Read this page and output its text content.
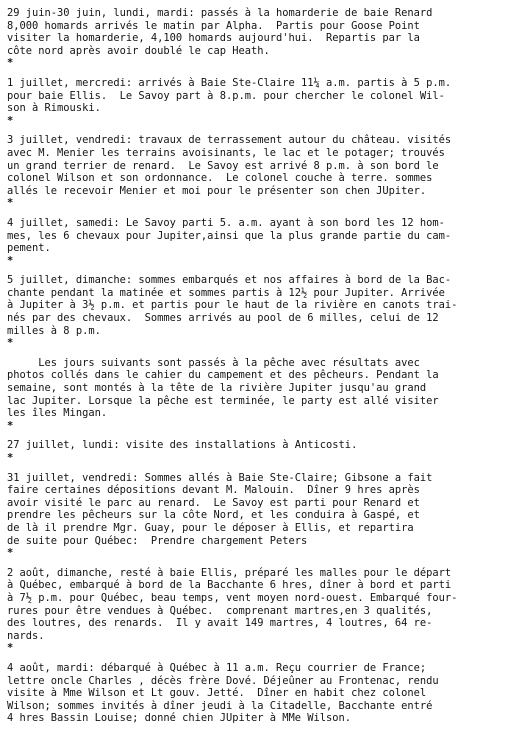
29 juin-30 juin, lundi, mardi: passés à la homarderie de baie Renard
8,000 homards arrivés le matin par Alpha.  Partis pour Goose Point
visiter la homarderie, 4,100 homards aujourd'hui.  Repartis par la
côte nord après avoir doublé le cap Heath.

*

1 juillet, mercredi: arrivés à Baie Ste-Claire 11¼ a.m. partis à 5 p.m.
pour baie Ellis.  Le Savoy part à 8.p.m. pour chercher le colonel Wil-
son à Rimouski.

*

3 juillet, vendredi: travaux de terrassement autour du château. visités
avec M. Menier les terrains avoisinants, le lac et le potager; trouvés
un grand terrier de renard.  Le Savoy est arrivé 8 p.m. à son bord le
colonel Wilson et son ordonnance.  Le colonel couche à terre. sommes
allés le recevoir Menier et moi pour le présenter son chen JUpiter.

*

4 juillet, samedi: Le Savoy parti 5. a.m. ayant à son bord les 12 hom-
mes, les 6 chevaux pour Jupiter,ainsi que la plus grande partie du cam-
pement.

*

5 juillet, dimanche: sommes embarqués et nos affaires à bord de la Bac-
chante pendant la matinée et sommes partis à 12½ pour Jupiter. Arrivée
à Jupiter à 3½ p.m. et partis pour le haut de la rivière en canots trai-
nés par des chevaux.  Sommes arrivés au pool de 6 milles, celui de 12
milles à 8 p.m.

*

Les jours suivants sont passés à la pêche avec résultats avec
photos collés dans le cahier du campement et des pêcheurs. Pendant la
semaine, sont montés à la tête de la rivière Jupiter jusqu'au grand
lac Jupiter. Lorsque la pêche est terminée, le party est allé visiter
les îles Mingan.

*

27 juillet, lundi: visite des installations à Anticosti.

*

31 juillet, vendredi: Sommes allés à Baie Ste-Claire; Gibsone a fait
faire certaines dépositions devant M. Malouin.  Dîner 9 hres après
avoir visité le parc au renard.  Le Savoy est parti pour Renard et
prendre les pêcheurs sur la côte Nord, et les conduira à Gaspé, et
de là il prendre Mgr. Guay, pour le déposer à Ellis, et repartira
de suite pour Québec:  Prendre chargement Peters

*

2 août, dimanche, resté à baie Ellis, préparé les malles pour le départ
à Québec, embarqué à bord de la Bacchante 6 hres, dîner à bord et parti
à 7½ p.m. pour Québec, beau temps, vent moyen nord-ouest. Embarqué four-
rures pour être vendues à Québec.  comprenant martres,en 3 qualités,
des loutres, des renards.  Il y avait 149 martres, 4 loutres, 64 re-
nards.

*

4 août, mardi: débarqué à Québec à 11 a.m. Reçu courrier de France;
lettre oncle Charles , décès frère Dové. Déjeûner au Frontenac, rendu
visite à Mme Wilson et Lt gouv. Jetté.  Dîner en habit chez colonel
Wilson; sommes invités à dîner jeudi à la Citadelle, Bacchante entré
4 hres Bassin Louise; donné chien JUpiter à MMe Wilson.
